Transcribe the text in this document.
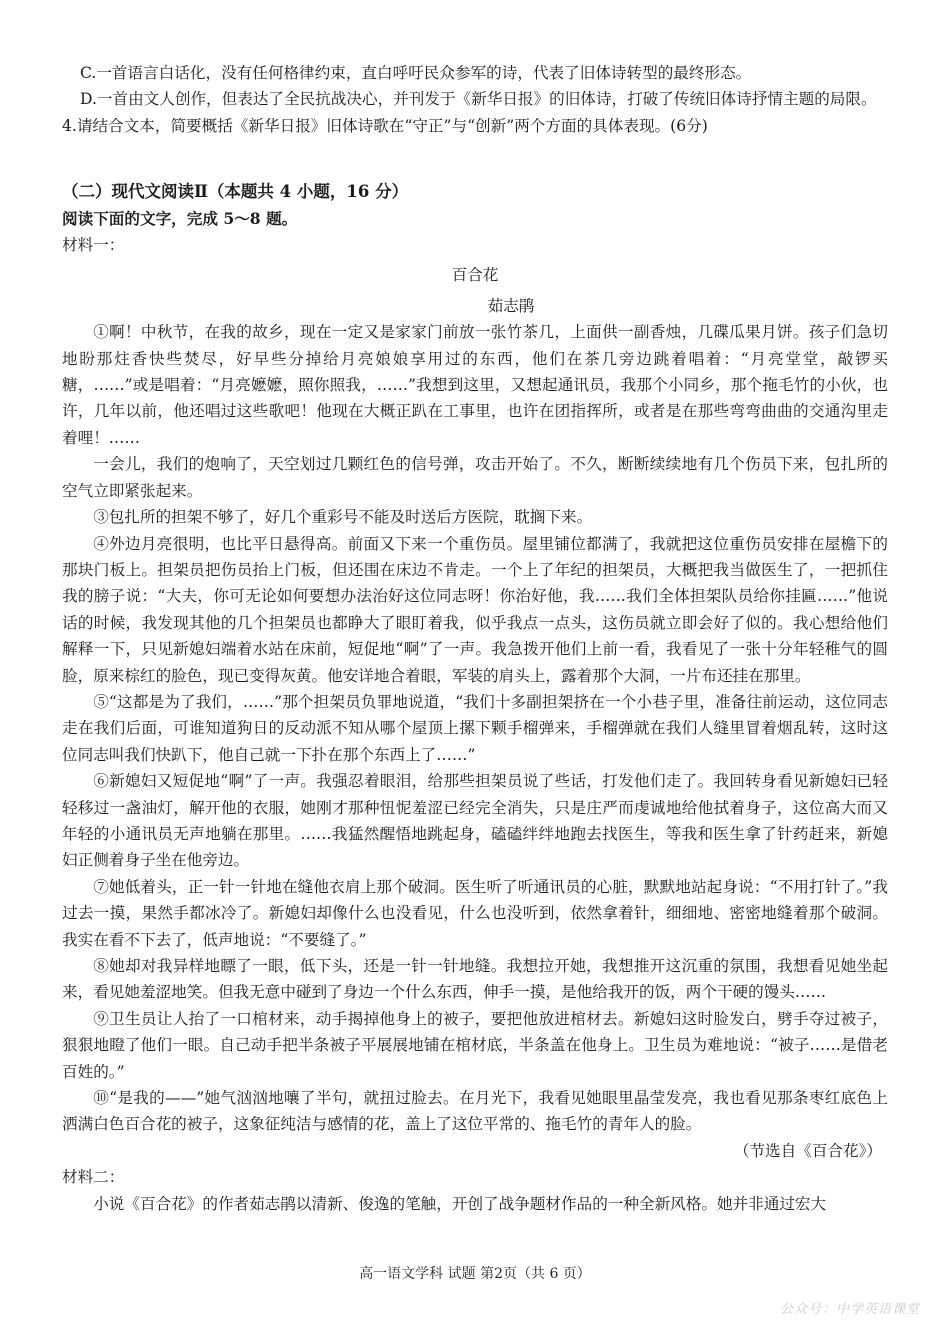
C.一首语言白话化，没有任何格律约束，直白呼吁民众参军的诗，代表了旧体诗转型的最终形态。

D.一首由文人创作，但表达了全民抗战决心，并刊发于《新华日报》的旧体诗，打破了传统旧体诗抒情主题的局限。

4.请结合文本，简要概括《新华日报》旧体诗歌在“守正”与“创新”两个方面的具体表现。(6分)

（二）现代文阅读Ⅱ（本题共 4 小题，16 分）

阅读下面的文字，完成 5～8 题。

材料一：

百合花

茹志鹃

①啊！中秋节，在我的故乡，现在一定又是家家门前放一张竹茶几，上面供一副香烛，几碟瓜果月饼。孩子们急切地盼那炷香快些焚尽，好早些分掉给月亮娘娘享用过的东西，他们在茶几旁边跳着唱着：“月亮堂堂，敲锣买糖，……”或是唱着：“月亮嬷嬷，照你照我，……”我想到这里，又想起通讯员，我那个小同乡，那个拖毛竹的小伙，也许，几年以前，他还唱过这些歌吧！他现在大概正趴在工事里，也许在团指挥所，或者是在那些弯弯曲曲的交通沟里走着哩！……

一会儿，我们的炮响了，天空划过几颗红色的信号弹，攻击开始了。不久，断断续续地有几个伤员下来，包扎所的空气立即紧张起来。

③包扎所的担架不够了，好几个重彩号不能及时送后方医院，耽搁下来。

④外边月亮很明，也比平日悬得高。前面又下来一个重伤员。屋里铺位都满了，我就把这位重伤员安排在屋檐下的那块门板上。担架员把伤员抬上门板，但还围在床边不肯走。一个上了年纪的担架员，大概把我当做医生了，一把抓住我的膀子说：“大夫，你可无论如何要想办法治好这位同志呀！你治好他，我……我们全体担架队员给你挂匾……”他说话的时候，我发现其他的几个担架员也都睁大了眼盯着我，似乎我点一点头，这伤员就立即会好了似的。我心想给他们解释一下，只见新媳妇端着水站在床前，短促地“啊”了一声。我急拨开他们上前一看，我看见了一张十分年轻稚气的圆脸，原来棕红的脸色，现已变得灰黄。他安详地合着眼，军装的肩头上，露着那个大洞，一片布还挂在那里。

⑤“这都是为了我们，……”那个担架员负罪地说道，“我们十多副担架挤在一个小巷子里，准备往前运动，这位同志走在我们后面，可谁知道狗日的反动派不知从哪个屋顶上摞下颗手榴弹来，手榴弹就在我们人缝里冒着烟乱转，这时这位同志叫我们快趴下，他自己就一下扑在那个东西上了……”

⑥新媳妇又短促地“啊”了一声。我强忍着眼泪，给那些担架员说了些话，打发他们走了。我回转身看见新媳妇已轻轻移过一盏油灯，解开他的衣服，她刚才那种忸怩羞涩已经完全消失，只是庄严而虔诚地给他拭着身子，这位高大而又年轻的小通讯员无声地躺在那里。……我猛然醒悟地跳起身，磕磕绊绊地跑去找医生，等我和医生拿了针药赶来，新媳妇正侧着身子坐在他旁边。

⑦她低着头，正一针一针地在缝他衣肩上那个破洞。医生听了听通讯员的心脏，默默地站起身说：“不用打针了。”我过去一摸，果然手都冰冷了。新媳妇却像什么也没看见，什么也没听到，依然拿着针，细细地、密密地缝着那个破洞。我实在看不下去了，低声地说：“不要缝了。”

⑧她却对我异样地瞟了一眼，低下头，还是一针一针地缝。我想拉开她，我想推开这沉重的氛围，我想看见她坐起来，看见她羞涩地笑。但我无意中碰到了身边一个什么东西，伸手一摸，是他给我开的饭，两个干硬的馒头……

⑨卫生员让人抬了一口棺材来，动手揭掉他身上的被子，要把他放进棺材去。新媳妇这时脸发白，劈手夺过被子，狠狠地瞪了他们一眼。自己动手把半条被子平展展地铺在棺材底，半条盖在他身上。卫生员为难地说：“被子……是借老百姓的。”

⑩“是我的——”她气汹汹地嚷了半句，就扭过脸去。在月光下，我看见她眼里晶莹发亮，我也看见那条枣红底色上洒满白色百合花的被子，这象征纯洁与感情的花，盖上了这位平常的、拖毛竹的青年人的脸。

（节选自《百合花》）

材料二：

小说《百合花》的作者茹志鹃以清新、俊逸的笔触，开创了战争题材作品的一种全新风格。她并非通过宏大

高一语文学科 试题 第2页（共 6 页）
公众号：中学英语课堂
